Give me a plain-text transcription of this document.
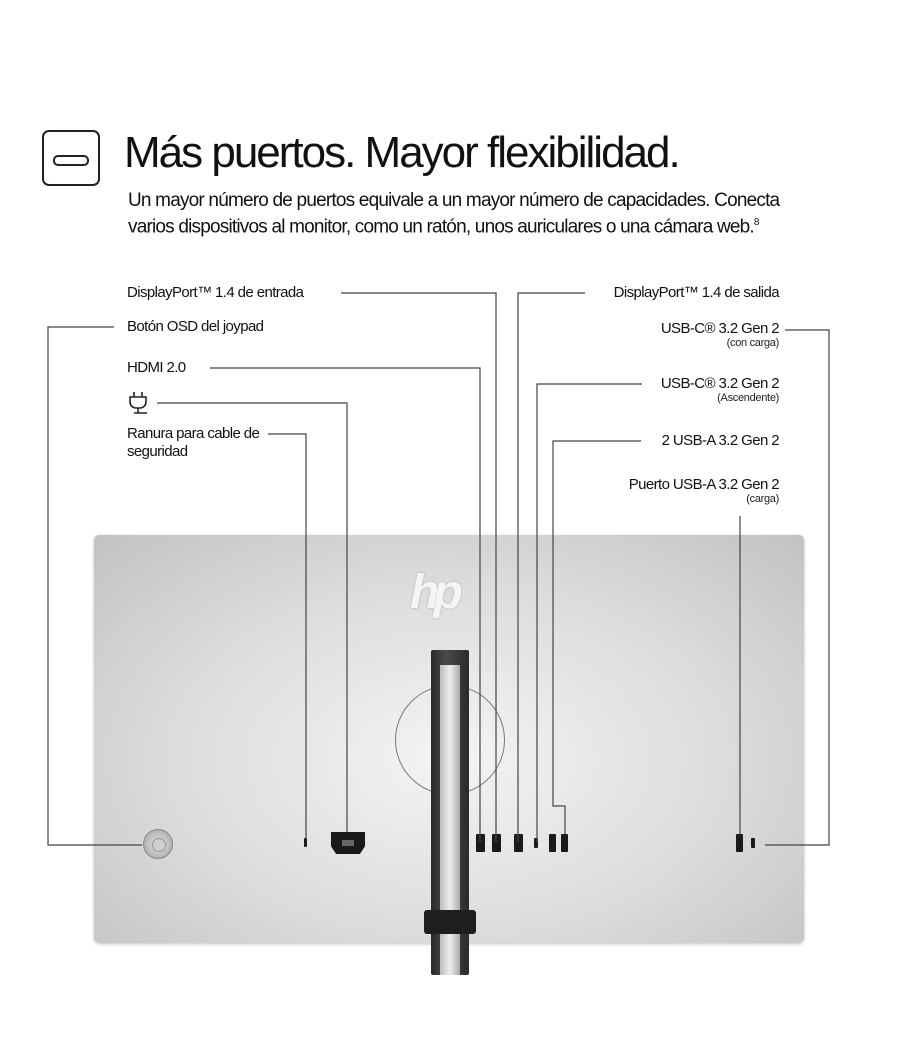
Más puertos. Mayor flexibilidad.
Un mayor número de puertos equivale a un mayor número de capacidades. Conecta varios dispositivos al monitor, como un ratón, unos auriculares o una cámara web.$^8$
hp
DisplayPort™ 1.4 de entrada
Botón OSD del joypad
HDMI 2.0
Ranura para cable de seguridad
DisplayPort™ 1.4 de salida
USB-C® 3.2 Gen 2
(con carga)
USB-C® 3.2 Gen 2
(Ascendente)
2 USB-A 3.2 Gen 2
Puerto USB-A 3.2 Gen 2
(carga)
